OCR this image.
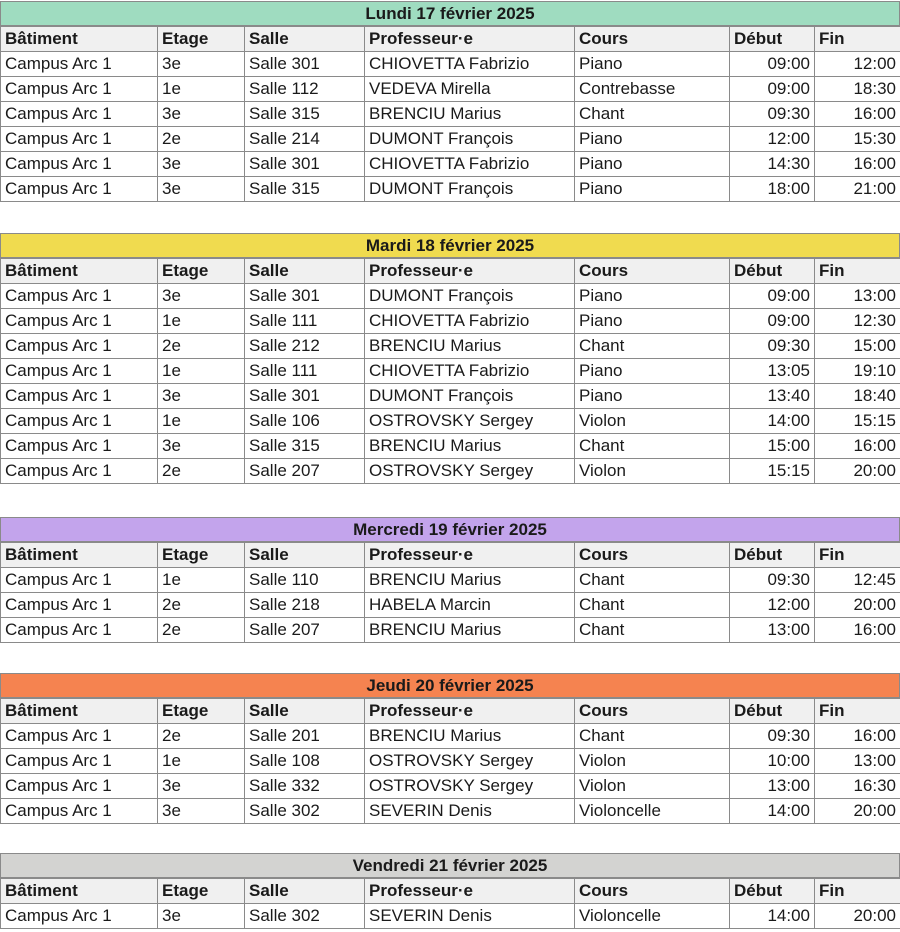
Lundi 17 février 2025
Bâtiment	Etage	Salle	Professeur·e	Cours	Début	Fin
Campus Arc 1	3e	Salle 301	CHIOVETTA Fabrizio	Piano	09:00	12:00
Campus Arc 1	1e	Salle 112	VEDEVA Mirella	Contrebasse	09:00	18:30
Campus Arc 1	3e	Salle 315	BRENCIU Marius	Chant	09:30	16:00
Campus Arc 1	2e	Salle 214	DUMONT François	Piano	12:00	15:30
Campus Arc 1	3e	Salle 301	CHIOVETTA Fabrizio	Piano	14:30	16:00
Campus Arc 1	3e	Salle 315	DUMONT François	Piano	18:00	21:00
Mardi 18 février 2025
Bâtiment	Etage	Salle	Professeur·e	Cours	Début	Fin
Campus Arc 1	3e	Salle 301	DUMONT François	Piano	09:00	13:00
Campus Arc 1	1e	Salle 111	CHIOVETTA Fabrizio	Piano	09:00	12:30
Campus Arc 1	2e	Salle 212	BRENCIU Marius	Chant	09:30	15:00
Campus Arc 1	1e	Salle 111	CHIOVETTA Fabrizio	Piano	13:05	19:10
Campus Arc 1	3e	Salle 301	DUMONT François	Piano	13:40	18:40
Campus Arc 1	1e	Salle 106	OSTROVSKY Sergey	Violon	14:00	15:15
Campus Arc 1	3e	Salle 315	BRENCIU Marius	Chant	15:00	16:00
Campus Arc 1	2e	Salle 207	OSTROVSKY Sergey	Violon	15:15	20:00
Mercredi 19 février 2025
Bâtiment	Etage	Salle	Professeur·e	Cours	Début	Fin
Campus Arc 1	1e	Salle 110	BRENCIU Marius	Chant	09:30	12:45
Campus Arc 1	2e	Salle 218	HABELA Marcin	Chant	12:00	20:00
Campus Arc 1	2e	Salle 207	BRENCIU Marius	Chant	13:00	16:00
Jeudi 20 février 2025
Bâtiment	Etage	Salle	Professeur·e	Cours	Début	Fin
Campus Arc 1	2e	Salle 201	BRENCIU Marius	Chant	09:30	16:00
Campus Arc 1	1e	Salle 108	OSTROVSKY Sergey	Violon	10:00	13:00
Campus Arc 1	3e	Salle 332	OSTROVSKY Sergey	Violon	13:00	16:30
Campus Arc 1	3e	Salle 302	SEVERIN Denis	Violoncelle	14:00	20:00
Vendredi 21 février 2025
Bâtiment	Etage	Salle	Professeur·e	Cours	Début	Fin
Campus Arc 1	3e	Salle 302	SEVERIN Denis	Violoncelle	14:00	20:00
